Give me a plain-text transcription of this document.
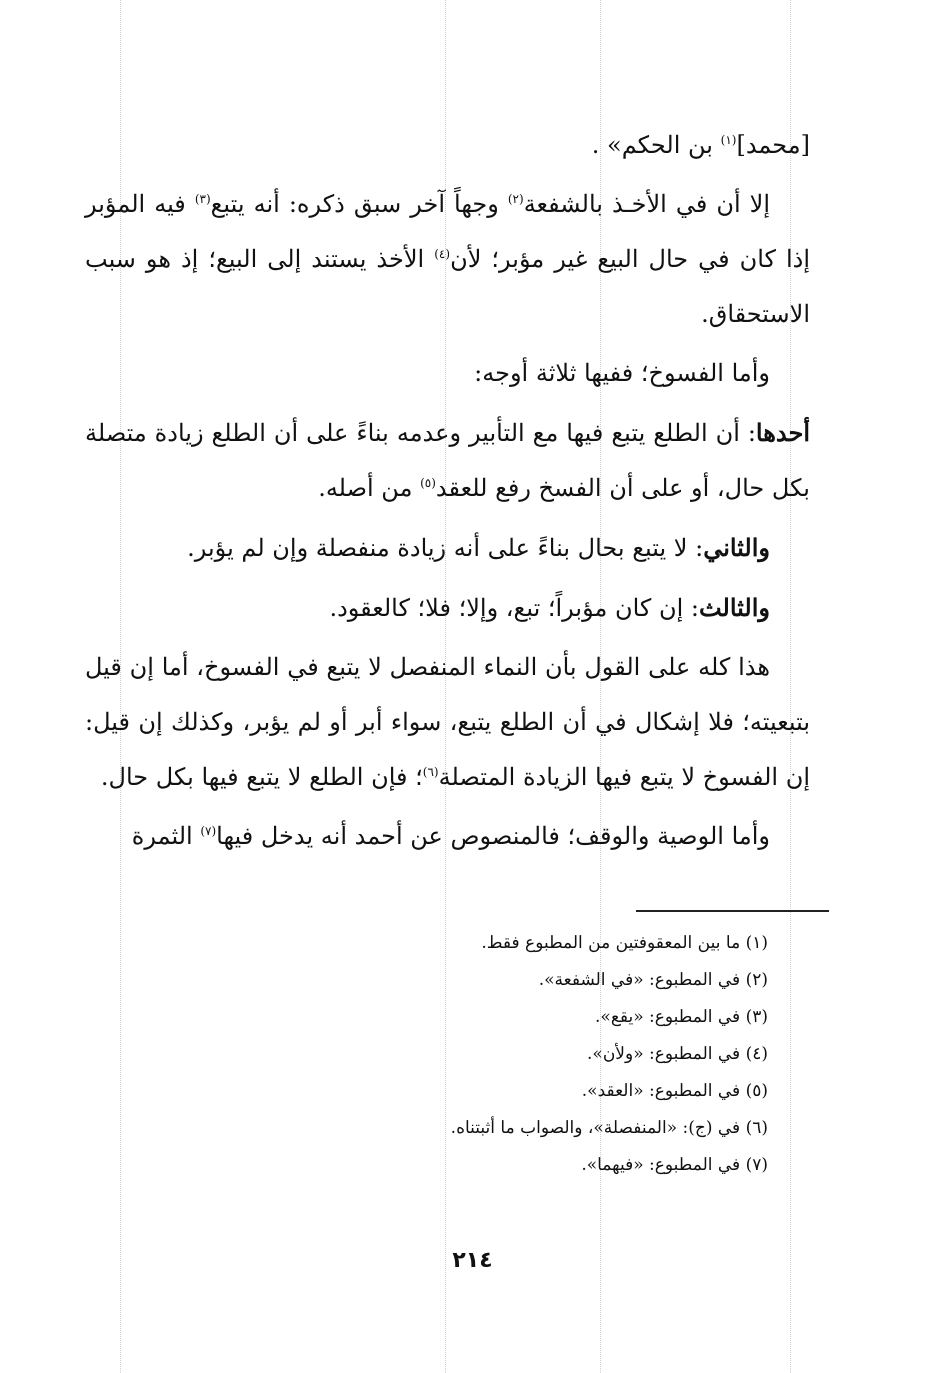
[محمد]$^{(١)}$ بن الحكم» .

إلا أن في الأخـذ بالشفعة$^{(٢)}$ وجهاً آخر سبق ذكره: أنه يتبع$^{(٣)}$ فيه المؤبر إذا كان في حال البيع غير مؤبر؛ لأن$^{(٤)}$ الأخذ يستند إلى البيع؛ إذ هو سبب الاستحقاق.

وأما الفسوخ؛ ففيها ثلاثة أوجه:

أحدها: أن الطلع يتبع فيها مع التأبير وعدمه بناءً على أن الطلع زيادة متصلة بكل حال، أو على أن الفسخ رفع للعقد$^{(٥)}$ من أصله.

والثاني: لا يتبع بحال بناءً على أنه زيادة منفصلة وإن لم يؤبر.

والثالث: إن كان مؤبراً؛ تبع، وإلا؛ فلا؛ كالعقود.

هذا كله على القول بأن النماء المنفصل لا يتبع في الفسوخ، أما إن قيل بتبعيته؛ فلا إشكال في أن الطلع يتبع، سواء أبر أو لم يؤبر، وكذلك إن قيل: إن الفسوخ لا يتبع فيها الزيادة المتصلة$^{(٦)}$؛ فإن الطلع لا يتبع فيها بكل حال.

وأما الوصية والوقف؛ فالمنصوص عن أحمد أنه يدخل فيها$^{(٧)}$ الثمرة

(١) ما بين المعقوفتين من المطبوع فقط.
(٢) في المطبوع: «في الشفعة».
(٣) في المطبوع: «يقع».
(٤) في المطبوع: «ولأن».
(٥) في المطبوع: «العقد».
(٦) في (ج): «المنفصلة»، والصواب ما أثبتناه.
(٧) في المطبوع: «فيهما».
٢١٤
